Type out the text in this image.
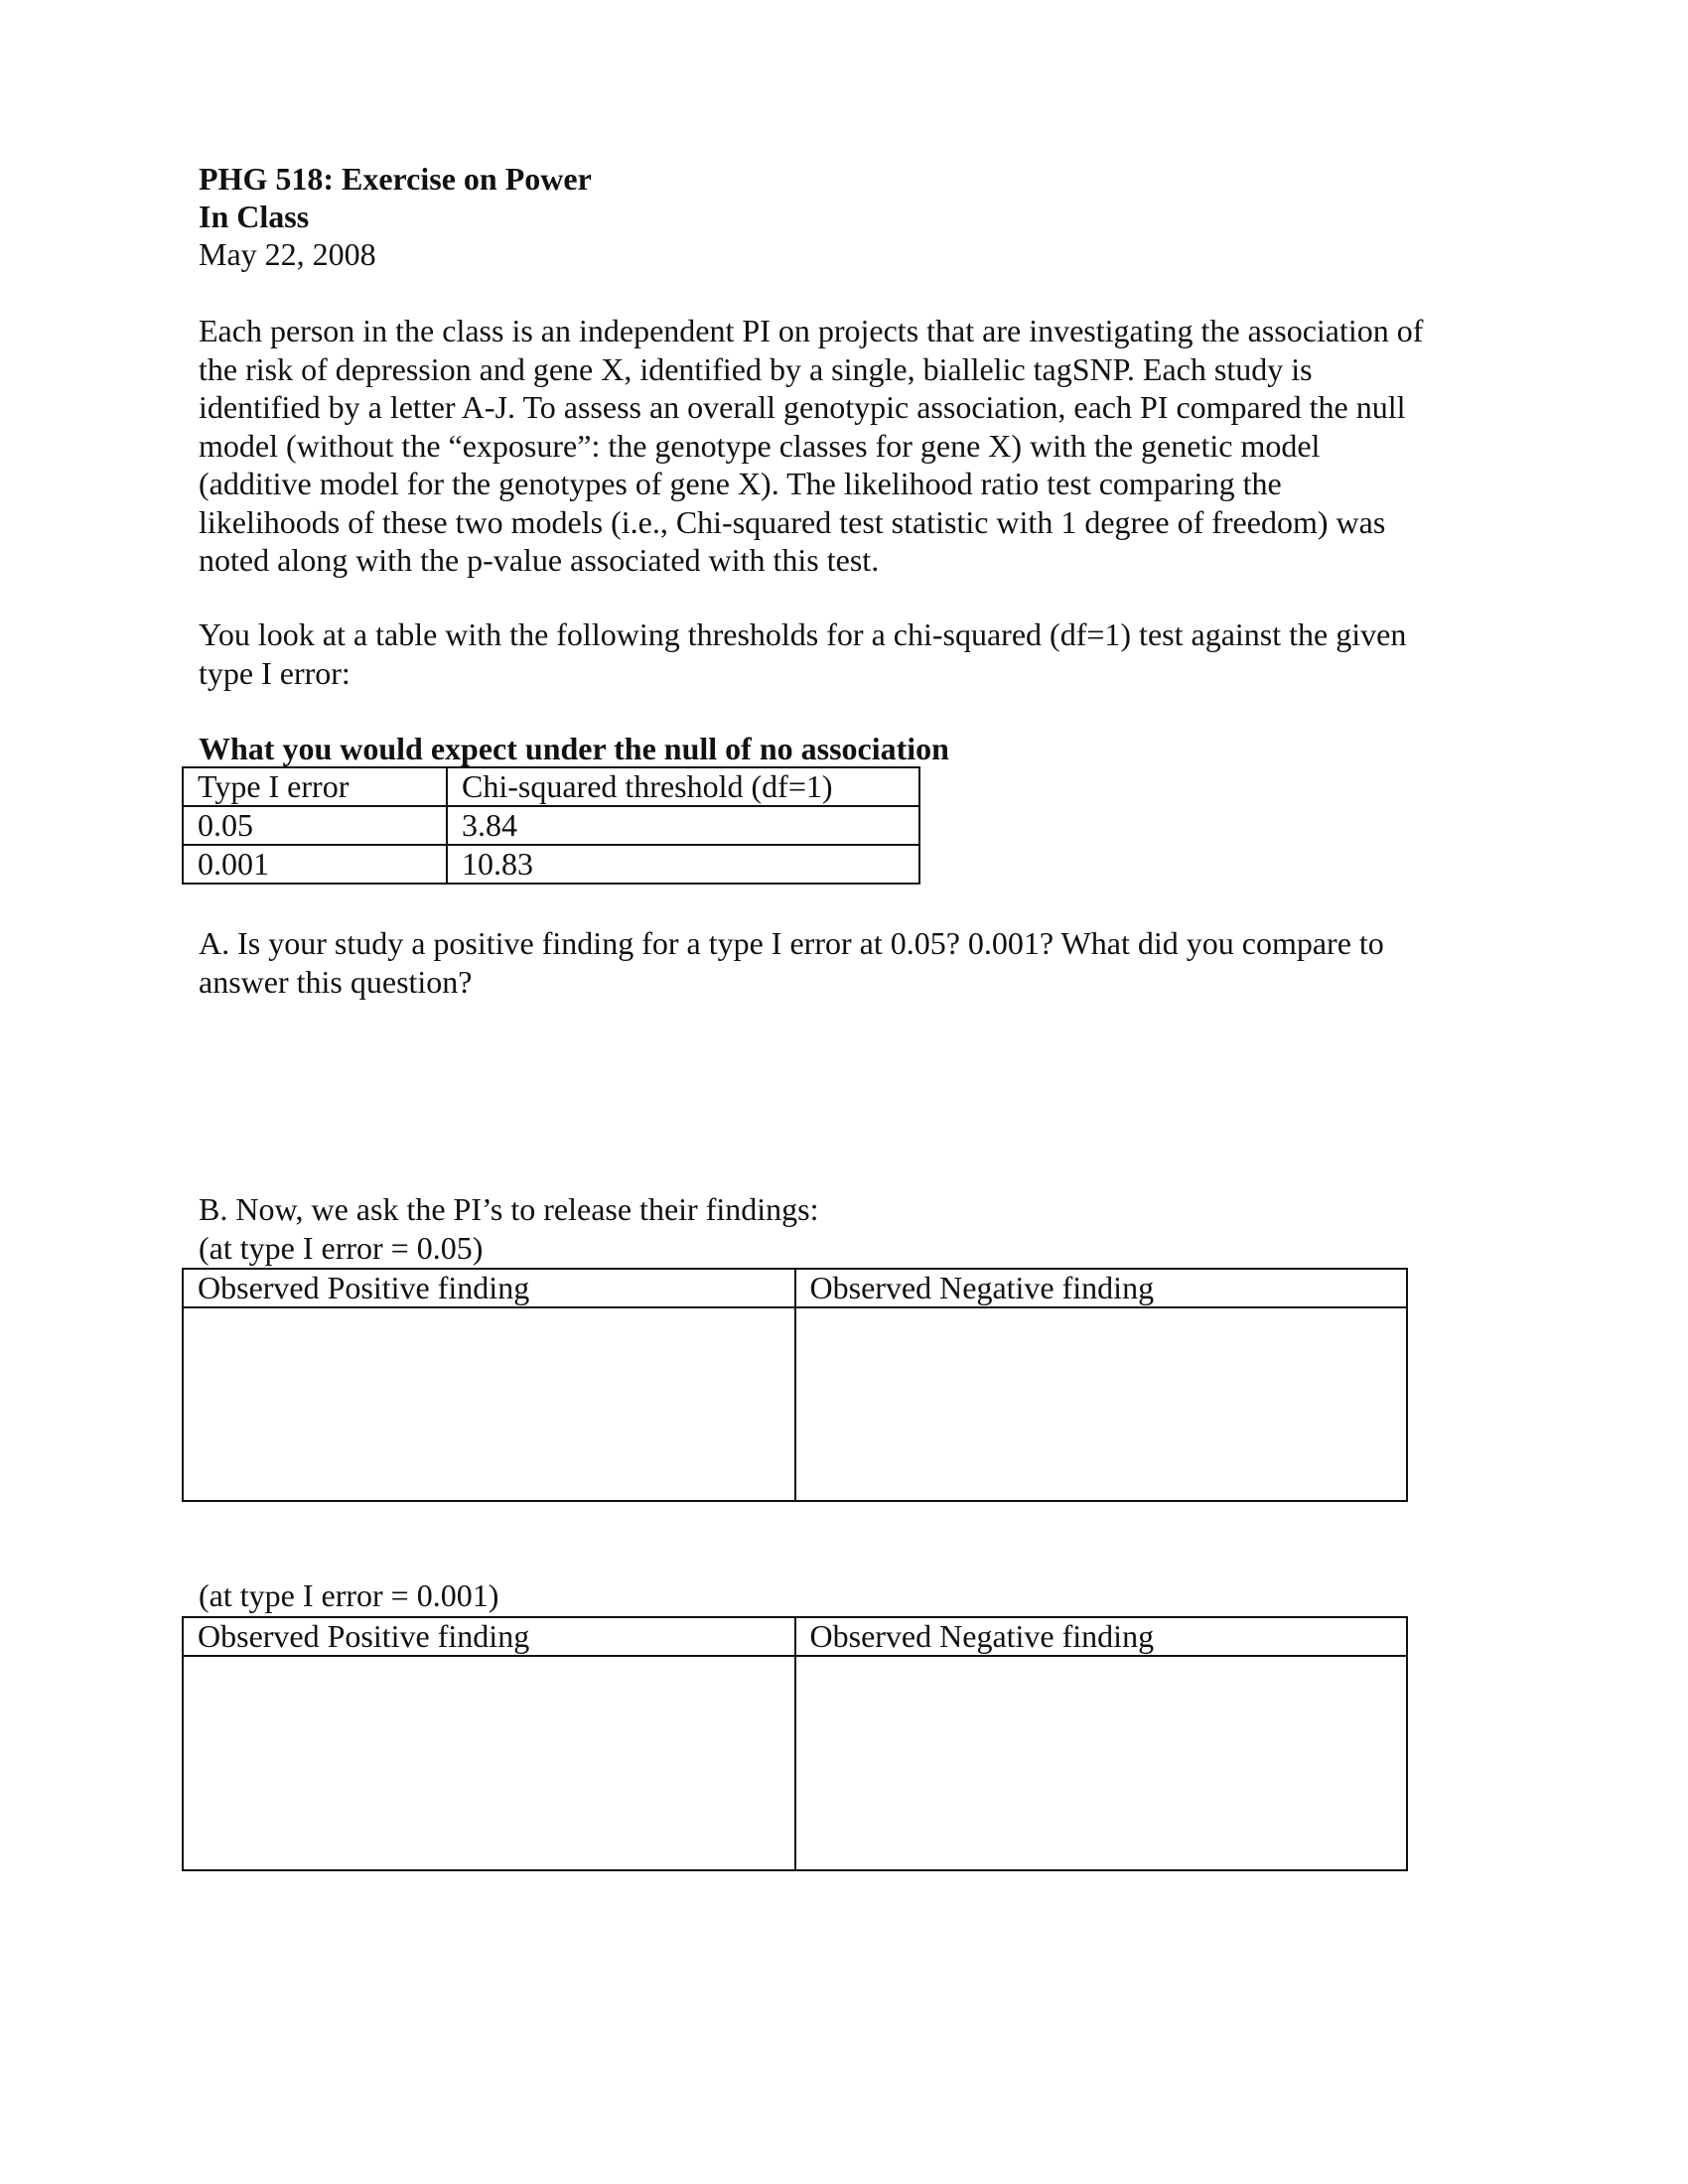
PHG 518: Exercise on Power

In Class

May 22, 2008

Each person in the class is an independent PI on projects that are investigating the association of
the risk of depression and gene X, identified by a single, biallelic tagSNP. Each study is
identified by a letter A-J. To assess an overall genotypic association, each PI compared the null
model (without the “exposure”: the genotype classes for gene X) with the genetic model
(additive model for the genotypes of gene X). The likelihood ratio test comparing the
likelihoods of these two models (i.e., Chi-squared test statistic with 1 degree of freedom) was
noted along with the p-value associated with this test.
You look at a table with the following thresholds for a chi-squared (df=1) test against the given
type I error:

What you would expect under the null of no association

Type I error	Chi-squared threshold (df=1)
0.05	3.84
0.001	10.83
A. Is your study a positive finding for a type I error at 0.05? 0.001? What did you compare to
answer this question?

B. Now, we ask the PI’s to release their findings:

(at type I error = 0.05)

Observed Positive finding	Observed Negative finding

(at type I error = 0.001)

Observed Positive finding	Observed Negative finding
